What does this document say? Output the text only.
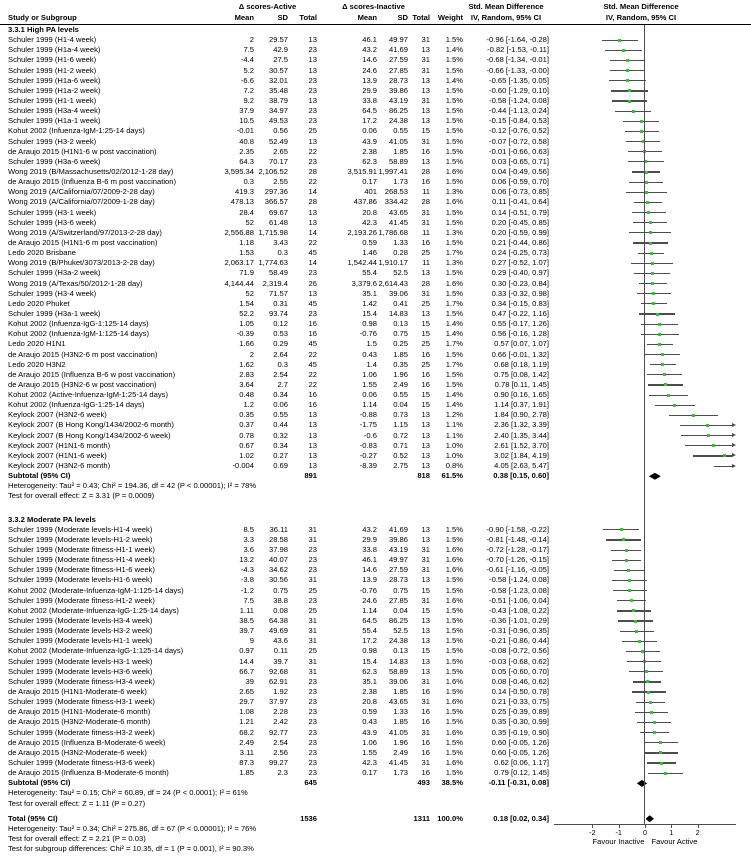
Δ scores-Active	Δ scores-Inactive	Std. Mean Difference	Std. Mean Difference
Study or Subgroup	Mean	SD	Total	Mean	SD Total	Weight	IV, Random, 95% CI	IV, Random, 95% CI
3.3.1 High PA levels
Schuler 1999 (H1-4 week)	2	29.57	13	46.1	49.97	31	1.5%	-0.96 [-1.64, -0.28]
Schuler 1999 (H1a-4 week)	7.5	42.9	23	43.2	41.69	13	1.4%	-0.82 [-1.53, -0.11]
Schuler 1999 (H1-6 week)	-4.4	27.5	13	14.6	27.59	31	1.5%	-0.68 [-1.34, -0.01]
Schuler 1999 (H1-2 week)	5.2	30.57	13	24.6	27.85	31	1.5%	-0.66 [-1.33, -0.00]
Schuler 1999 (H1a-6 week)	-6.6	32.01	23	13.9	28.73	13	1.4%	-0.65 [-1.35, 0.05]
Schuler 1999 (H1a-2 week)	7.2	35.48	23	29.9	39.86	13	1.5%	-0.60 [-1.29, 0.10]
Schuler 1999 (H1-1 week)	9.2	38.79	13	33.8	43.19	31	1.5%	-0.58 [-1.24, 0.08]
Schuler 1999 (H3a-4 week)	37.9	34.97	23	64.5	86.25	13	1.5%	-0.44 [-1.13, 0.24]
Schuler 1999 (H1a-1 week)	10.5	49.53	23	17.2	24.38	13	1.5%	-0.15 [-0.84, 0.53]
Kohut 2002 (Infuenza-IgM-1:25-14 days)	-0.01	0.56	25	0.06	0.55	15	1.5%	-0.12 [-0.76, 0.52]
Schuler 1999 (H3-2 week)	40.8	52.49	13	43.9	41.05	31	1.5%	-0.07 [-0.72, 0.58]
de Araujo 2015 (H1N1-6 w post vaccination)	2.35	2.65	22	2.38	1.85	16	1.5%	-0.01 [-0.66, 0.63]
Schuler 1999 (H3a-6 week)	64.3	70.17	23	62.3	58.89	13	1.5%	0.03 [-0.65, 0.71]
Wong 2019 (B/Massachusetts/02/2012-1-28 day)	3,595.34 2,106.52	28	3,515.91 1,997.41	28	1.6%	0.04 [-0.49, 0.56]
de Araujo 2015 (Influenza B-6 m post vaccination)	0.3	2.55	22	0.17	1.73	16	1.5%	0.06 [-0.59, 0.70]
Wong 2019 (A/California/07/2009-2-28 day)	419.3	297.36	14	401	268.53	11	1.3%	0.06 [-0.73, 0.85]
Wong 2019 (A/California/07/2009-1-28 day)	478.13	366.57	28	437.86	334.42	28	1.6%	0.11 [-0.41, 0.64]
Schuler 1999 (H3-1 week)	28.4	69.67	13	20.8	43.65	31	1.5%	0.14 [-0.51, 0.79]
Schuler 1999 (H3-6 week)	52	61.48	13	42.3	41.45	31	1.5%	0.20 [-0.45, 0.85]
Wong 2019 (A/Switzerland/97/2013-2-28 day)	2,556.88 1,715.98	14	2,193.26 1,786.68	11	1.3%	0.20 [-0.59, 0.99]
de Araujo 2015 (H1N1-6 m post vaccination)	1.18	3.43	22	0.59	1.33	16	1.5%	0.21 [-0.44, 0.86]
Ledo 2020 Brisbane	1.53	0.3	45	1.46	0.28	25	1.7%	0.24 [-0.25, 0.73]
Wong 2019 (B/Phuket/3073/2013-2-28 day)	2,063.17 1,774.63	14	1,542.44 1,910.17	11	1.3%	0.27 [-0.52, 1.07]
Schuler 1999 (H3a-2 week)	71.9	58.49	23	55.4	52.5	13	1.5%	0.29 [-0.40, 0.97]
Wong 2019 (A/Texas/50/2012-1-28 day)	4,144.44	2,319.4	26	3,379.6 2,614.43	28	1.6%	0.30 [-0.23, 0.84]
Schuler 1999 (H3-4 week)	52	71.57	13	35.1	39.06	31	1.5%	0.33 [-0.32, 0.98]
Ledo 2020 Phuket	1.54	0.31	45	1.42	0.41	25	1.7%	0.34 [-0.15, 0.83]
Schuler 1999 (H3a-1 week)	52.2	93.74	23	15.4	14.83	13	1.5%	0.47 [-0.22, 1.16]
Kohut 2002 (Infuenza-IgG-1:125-14 days)	1.05	0.12	16	0.98	0.13	15	1.4%	0.55 [-0.17, 1.26]
Kohut 2002 (Infuenza-IgM-1:125-14 days)	-0.39	0.53	16	-0.76	0.75	15	1.4%	0.56 [-0.16, 1.28]
Ledo 2020 H1N1	1.66	0.29	45	1.5	0.25	25	1.7%	0.57 [0.07, 1.07]
de Araujo 2015 (H3N2-6 m post vaccination)	2	2.64	22	0.43	1.85	16	1.5%	0.66 [-0.01, 1.32]
Ledo 2020 H3N2	1.62	0.3	45	1.4	0.35	25	1.7%	0.68 [0.18, 1.19]
de Araujo 2015 (Influenza B-6 w post vaccination)	2.83	2.54	22	1.06	1.96	16	1.5%	0.75 [0.08, 1.42]
de Araujo 2015 (H3N2-6 w post vaccination)	3.64	2.7	22	1.55	2.49	16	1.5%	0.78 [0.11, 1.45]
Kohut 2002 (Active-Infuenza-IgM-1:25-14 days)	0.48	0.34	16	0.06	0.55	15	1.4%	0.90 [0.16, 1.65]
Kohut 2002 (Infuenza-IgG-1:25-14 days)	1.2	0.06	16	1.14	0.04	15	1.4%	1.14 [0.37, 1.91]
Keylock 2007 (H3N2-6 week)	0.35	0.55	13	-0.88	0.73	13	1.2%	1.84 [0.90, 2.78]
Keylock 2007 (B Hong Kong/1434/2002-6 month)	0.37	0.44	13	-1.75	1.15	13	1.1%	2.36 [1.32, 3.39]
Keylock 2007 (B Hong Kong/1434/2002-6 week)	0.78	0.32	13	-0.6	0.72	13	1.1%	2.40 [1.35, 3.44]
Keylock 2007 (H1N1-6 month)	0.67	0.34	13	-0.83	0.71	13	1.0%	2.61 [1.52, 3.70]
Keylock 2007 (H1N1-6 week)	1.02	0.27	13	-0.27	0.52	13	1.0%	3.02 [1.84, 4.19]
Keylock 2007 (H3N2-6 month)	-0.004	0.69	13	-8.39	2.75	13	0.8%	4.05 [2.63, 5.47]
Subtotal (95% CI)	891	818	61.5%	0.38 [0.15, 0.60]
Heterogeneity: Tau² = 0.43; Chi² = 194.36, df = 42 (P < 0.00001); I² = 78%
Test for overall effect: Z = 3.31 (P = 0.0009)
3.3.2 Moderate PA levels
Schuler 1999 (Moderate levels-H1-4 week)	8.5	36.11	31	43.2	41.69	13	1.5%	-0.90 [-1.58, -0.22]
Schuler 1999 (Moderate levels-H1-2 week)	3.3	28.58	31	29.9	39.86	13	1.5%	-0.81 [-1.48, -0.14]
Schuler 1999 (Moderate fitness-H1-1 week)	3.6	37.98	23	33.8	43.19	31	1.6%	-0.72 [-1.28, -0.17]
Schuler 1999 (Moderate fitness-H1-4 week)	13.2	40.07	23	46.1	49.97	31	1.6%	-0.70 [-1.26, -0.15]
Schuler 1999 (Moderate fitness-H1-6 week)	-4.3	34.62	23	14.6	27.59	31	1.6%	-0.61 [-1.16, -0.05]
Schuler 1999 (Moderate levels-H1-6 week)	-3.8	30.56	31	13.9	28.73	13	1.5%	-0.58 [-1.24, 0.08]
Kohut 2002 (Moderate-Infuenza-IgM-1:125-14 days)	-1.2	0.75	25	-0.76	0.75	15	1.5%	-0.58 [-1.23, 0.08]
Schuler 1999 (Moderate fitness-H1-2 week)	7.5	38.8	23	24.6	27.85	31	1.6%	-0.51 [-1.06, 0.04]
Kohut 2002 (Moderate-Infuenza-IgG-1:25-14 days)	1.11	0.08	25	1.14	0.04	15	1.5%	-0.43 [-1.08, 0.22]
Schuler 1999 (Moderate levels-H3-4 week)	38.5	64.38	31	64.5	86.25	13	1.5%	-0.36 [-1.01, 0.29]
Schuler 1999 (Moderate levels-H3-2 week)	39.7	49.69	31	55.4	52.5	13	1.5%	-0.31 [-0.96, 0.35]
Schuler 1999 (Moderate levels-H1-1 week)	9	43.6	31	17.2	24.38	13	1.5%	-0.21 [-0.86, 0.44]
Kohut 2002 (Moderate-Infuenza-IgG-1:125-14 days)	0.97	0.11	25	0.98	0.13	15	1.5%	-0.08 [-0.72, 0.56]
Schuler 1999 (Moderate levels-H3-1 week)	14.4	39.7	31	15.4	14.83	13	1.5%	-0.03 [-0.68, 0.62]
Schuler 1999 (Moderate levels-H3-6 week)	66.7	92.68	31	62.3	58.89	13	1.5%	0.05 [-0.60, 0.70]
Schuler 1999 (Moderate fitness-H3-4 week)	39	62.91	23	35.1	39.06	31	1.6%	0.08 [-0.46, 0.62]
de Araujo 2015 (H1N1-Moderate-6 week)	2.65	1.92	23	2.38	1.85	16	1.5%	0.14 [-0.50, 0.78]
Schuler 1999 (Moderate fitness-H3-1 week)	29.7	37.97	23	20.8	43.65	31	1.6%	0.21 [-0.33, 0.75]
de Araujo 2015 (H1N1-Moderate-6 month)	1.08	2.28	23	0.59	1.33	16	1.5%	0.25 [-0.39, 0.89]
de Araujo 2015 (H3N2-Moderate-6 month)	1.21	2.42	23	0.43	1.85	16	1.5%	0.35 [-0.30, 0.99]
Schuler 1999 (Moderate fitness-H3-2 week)	68.2	92.77	23	43.9	41.05	31	1.6%	0.35 [-0.19, 0.90]
de Araujo 2015 (Influenza B-Moderate-6 week)	2.49	2.54	23	1.06	1.96	16	1.5%	0.60 [-0.05, 1.26]
de Araujo 2015 (H3N2-Moderate-6 week)	3.11	2.56	23	1.55	2.49	16	1.5%	0.60 [-0.05, 1.26]
Schuler 1999 (Moderate fitness-H3-6 week)	87.3	99.27	23	42.3	41.45	31	1.6%	0.62 [0.06, 1.17]
de Araujo 2015 (Influenza B-Moderate-6 month)	1.85	2.3	23	0.17	1.73	16	1.5%	0.79 [0.12, 1.45]
Subtotal (95% CI)	645	493	38.5%	-0.11 [-0.31, 0.08]
Heterogeneity: Tau² = 0.15; Chi² = 60.89, df = 24 (P < 0.0001); I² = 61%
Test for overall effect: Z = 1.11 (P = 0.27)
Total (95% CI)	1536	1311 100.0%	0.18 [0.02, 0.34]
Heterogeneity: Tau² = 0.34; Chi² = 275.86, df = 67 (P < 0.00001); I² = 76%
Test for overall effect: Z = 2.21 (P = 0.03)
Test for subgroup differences: Chi² = 10.35, df = 1 (P = 0.001), I² = 90.3%
-2	-1	0	1	2
Favour Inactive Favour Active
